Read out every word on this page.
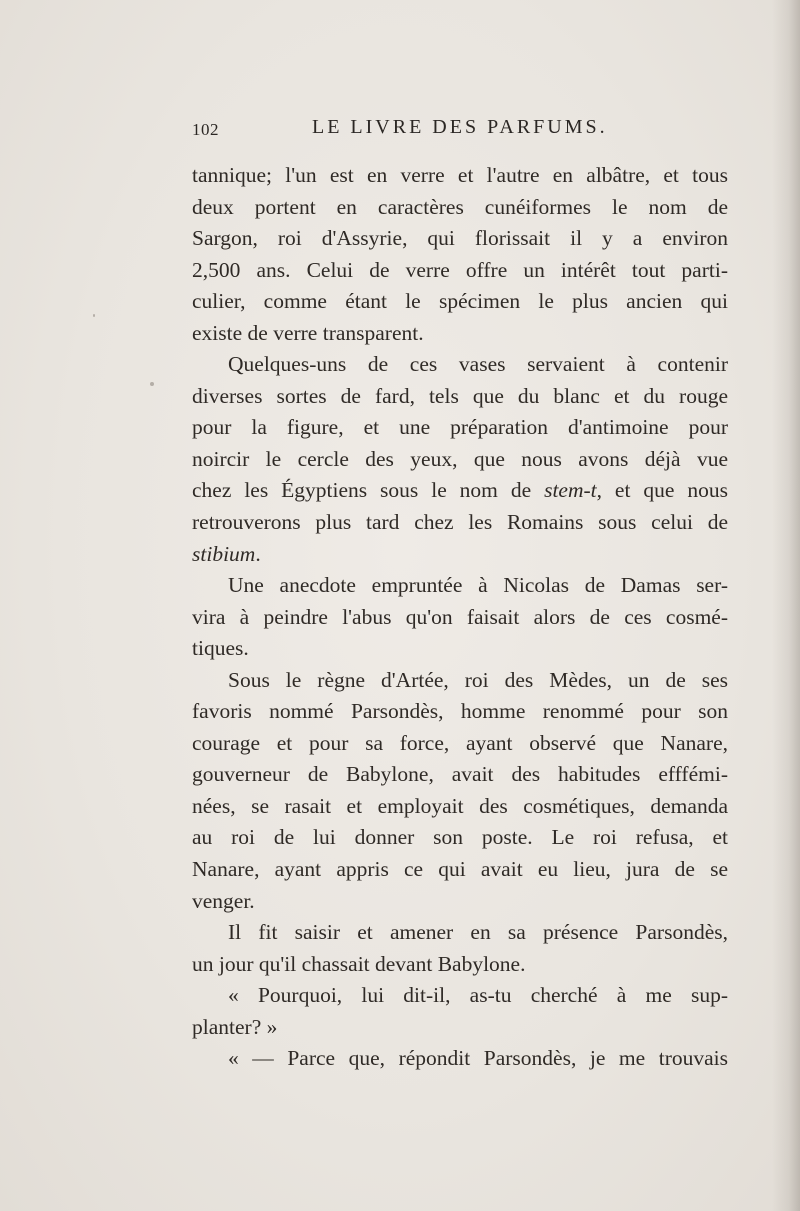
102	LE LIVRE DES PARFUMS.
tannique; l'un est en verre et l'autre en albâtre, et tous
deux portent en caractères cunéiformes le nom de
Sargon, roi d'Assyrie, qui florissait il y a environ
2,500 ans. Celui de verre offre un intérêt tout parti-
culier, comme étant le spécimen le plus ancien qui
existe de verre transparent.
Quelques-uns de ces vases servaient à contenir
diverses sortes de fard, tels que du blanc et du rouge
pour la figure, et une préparation d'antimoine pour
noircir le cercle des yeux, que nous avons déjà vue
chez les Égyptiens sous le nom de stem-t, et que nous
retrouverons plus tard chez les Romains sous celui de
stibium.
Une anecdote empruntée à Nicolas de Damas ser-
vira à peindre l'abus qu'on faisait alors de ces cosmé-
tiques.
Sous le règne d'Artée, roi des Mèdes, un de ses
favoris nommé Parsondès, homme renommé pour son
courage et pour sa force, ayant observé que Nanare,
gouverneur de Babylone, avait des habitudes efffémi-
nées, se rasait et employait des cosmétiques, demanda
au roi de lui donner son poste. Le roi refusa, et
Nanare, ayant appris ce qui avait eu lieu, jura de se
venger.
Il fit saisir et amener en sa présence Parsondès,
un jour qu'il chassait devant Babylone.
« Pourquoi, lui dit-il, as-tu cherché à me sup-
planter? »
« — Parce que, répondit Parsondès, je me trouvais
